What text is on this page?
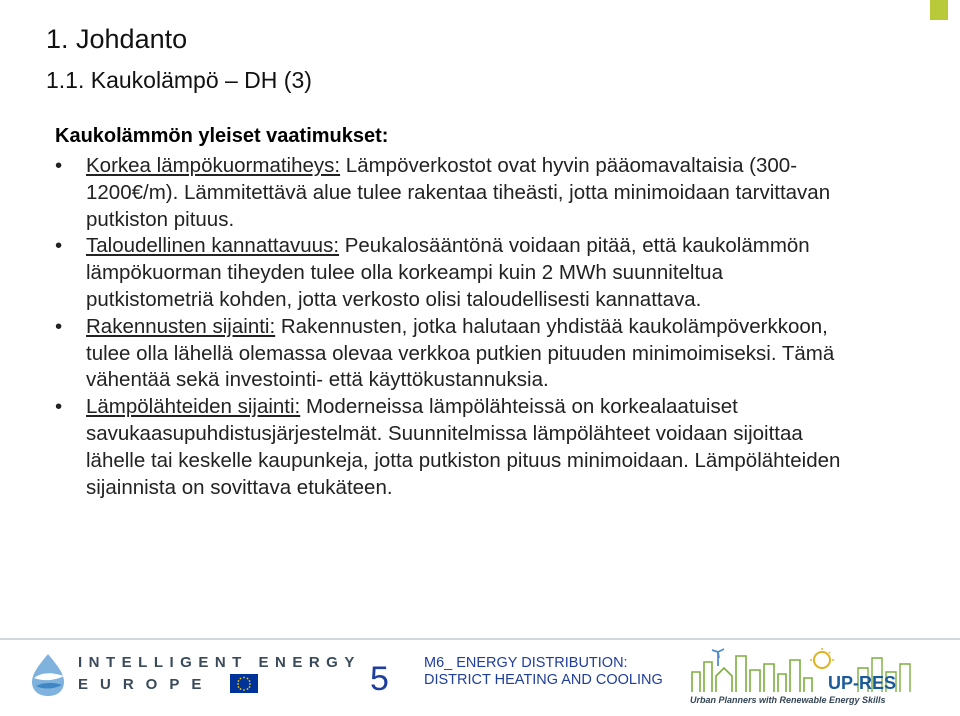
1. Johdanto
1.1. Kaukolämpö – DH (3)
Kaukolämmön yleiset vaatimukset:
• Korkea lämpökuormatiheys: Lämpöverkostot ovat hyvin pääomavaltaisia (300-1200€/m). Lämmitettävä alue tulee rakentaa tiheästi, jotta minimoidaan tarvittavan putkiston pituus.
• Taloudellinen kannattavuus: Peukalosääntönä voidaan pitää, että kaukolämmön lämpökuorman tiheyden tulee olla korkeampi kuin 2 MWh suunniteltua putkistometriä kohden, jotta verkosto olisi taloudellisesti kannattava.
• Rakennusten sijainti: Rakennusten, jotka halutaan yhdistää kaukolämpöverkkoon, tulee olla lähellä olemassa olevaa verkkoa putkien pituuden minimoimiseksi. Tämä vähentää sekä investointi- että käyttökustannuksia.
• Lämpölähteiden sijainti: Moderneissa lämpölähteissä on korkealaatuiset savukaasupuhdistusjärjestelmät. Suunnitelmissa lämpölähteet voidaan sijoittaa lähelle tai keskelle kaupunkeja, jotta putkiston pituus minimoidaan. Lämpölähteiden sijainnista on sovittava etukäteen.
INTELLIGENT ENERGY
EUROPE	5 M6_ ENERGY DISTRIBUTION:
DISTRICT HEATING AND COOLING	UP-RES
Urban Planners with Renewable Energy Skills
